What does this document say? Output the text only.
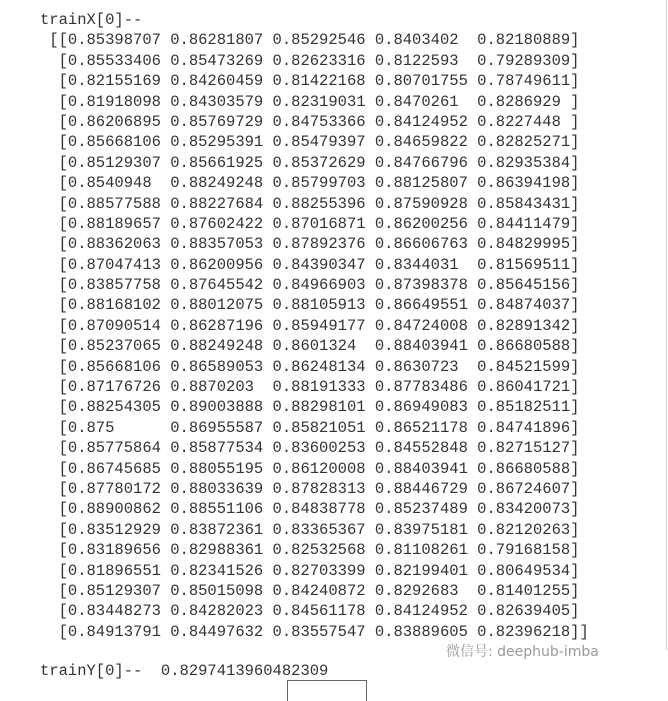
trainX[0]--
[[0.85398707 0.86281807 0.85292546 0.8403402  0.82180889]
[0.85533406 0.85473269 0.82623316 0.8122593  0.79289309]
[0.82155169 0.84260459 0.81422168 0.80701755 0.78749611]
[0.81918098 0.84303579 0.82319031 0.8470261  0.8286929 ]
[0.86206895 0.85769729 0.84753366 0.84124952 0.8227448 ]
[0.85668106 0.85295391 0.85479397 0.84659822 0.82825271]
[0.85129307 0.85661925 0.85372629 0.84766796 0.82935384]
[0.8540948  0.88249248 0.85799703 0.88125807 0.86394198]
[0.88577588 0.88227684 0.88255396 0.87590928 0.85843431]
[0.88189657 0.87602422 0.87016871 0.86200256 0.84411479]
[0.88362063 0.88357053 0.87892376 0.86606763 0.84829995]
[0.87047413 0.86200956 0.84390347 0.8344031  0.81569511]
[0.83857758 0.87645542 0.84966903 0.87398378 0.85645156]
[0.88168102 0.88012075 0.88105913 0.86649551 0.84874037]
[0.87090514 0.86287196 0.85949177 0.84724008 0.82891342]
[0.85237065 0.88249248 0.8601324  0.88403941 0.86680588]
[0.85668106 0.86589053 0.86248134 0.8630723  0.84521599]
[0.87176726 0.8870203  0.88191333 0.87783486 0.86041721]
[0.88254305 0.89003888 0.88298101 0.86949083 0.85182511]
[0.875      0.86955587 0.85821051 0.86521178 0.84741896]
[0.85775864 0.85877534 0.83600253 0.84552848 0.82715127]
[0.86745685 0.88055195 0.86120008 0.88403941 0.86680588]
[0.87780172 0.88033639 0.87828313 0.88446729 0.86724607]
[0.88900862 0.88551106 0.84838778 0.85237489 0.83420073]
[0.83512929 0.83872361 0.83365367 0.83975181 0.82120263]
[0.83189656 0.82988361 0.82532568 0.81108261 0.79168158]
[0.81896551 0.82341526 0.82703399 0.82199401 0.80649534]
[0.85129307 0.85015098 0.84240872 0.8292683  0.81401255]
[0.83448273 0.84282023 0.84561178 0.84124952 0.82639405]
[0.84913791 0.84497632 0.83557547 0.83889605 0.82396218]]
trainY[0]--  0.8297413960482309
微信号: deephub-imba
